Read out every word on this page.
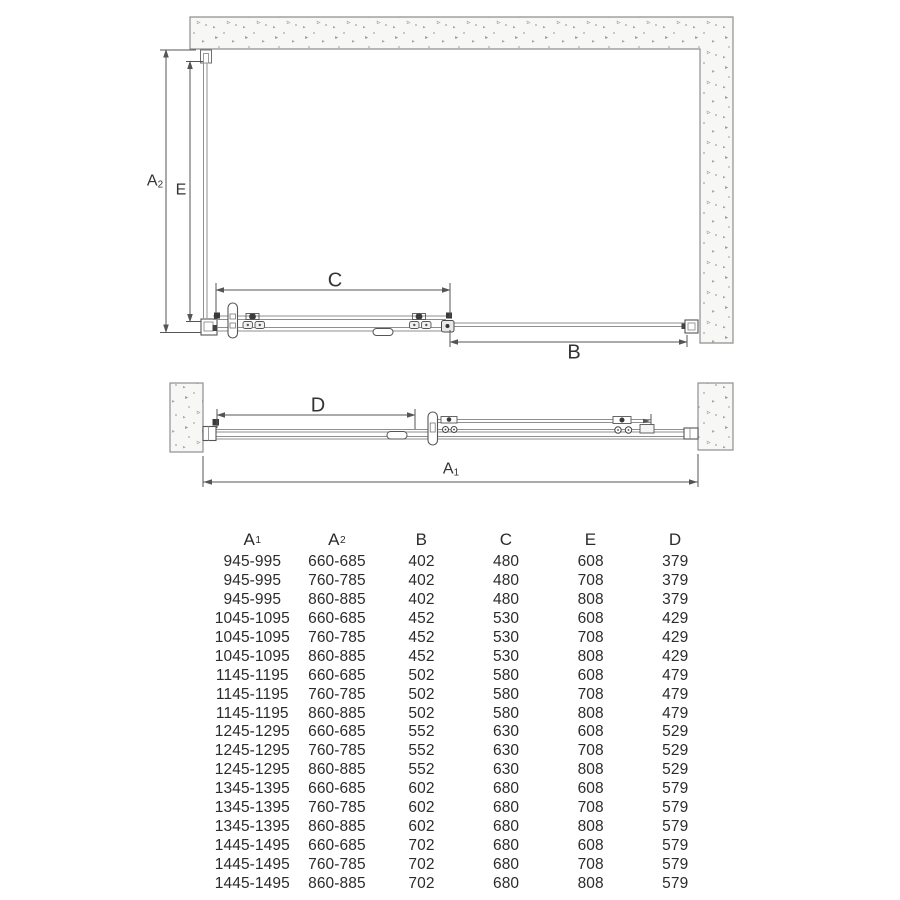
A2 E
C
B
D
A1
A 1	A 2	B	C	E	D
945-995	660-685	402	480	608	379
945-995	760-785	402	480	708	379
945-995	860-885	402	480	808	379
1045-1095	660-685	452	530	608	429
1045-1095	760-785	452	530	708	429
1045-1095	860-885	452	530	808	429
1145-1195	660-685	502	580	608	479
1145-1195	760-785	502	580	708	479
1145-1195	860-885	502	580	808	479
1245-1295	660-685	552	630	608	529
1245-1295	760-785	552	630	708	529
1245-1295	860-885	552	630	808	529
1345-1395	660-685	602	680	608	579
1345-1395	760-785	602	680	708	579
1345-1395	860-885	602	680	808	579
1445-1495	660-685	702	680	608	579
1445-1495	760-785	702	680	708	579
1445-1495	860-885	702	680	808	579
